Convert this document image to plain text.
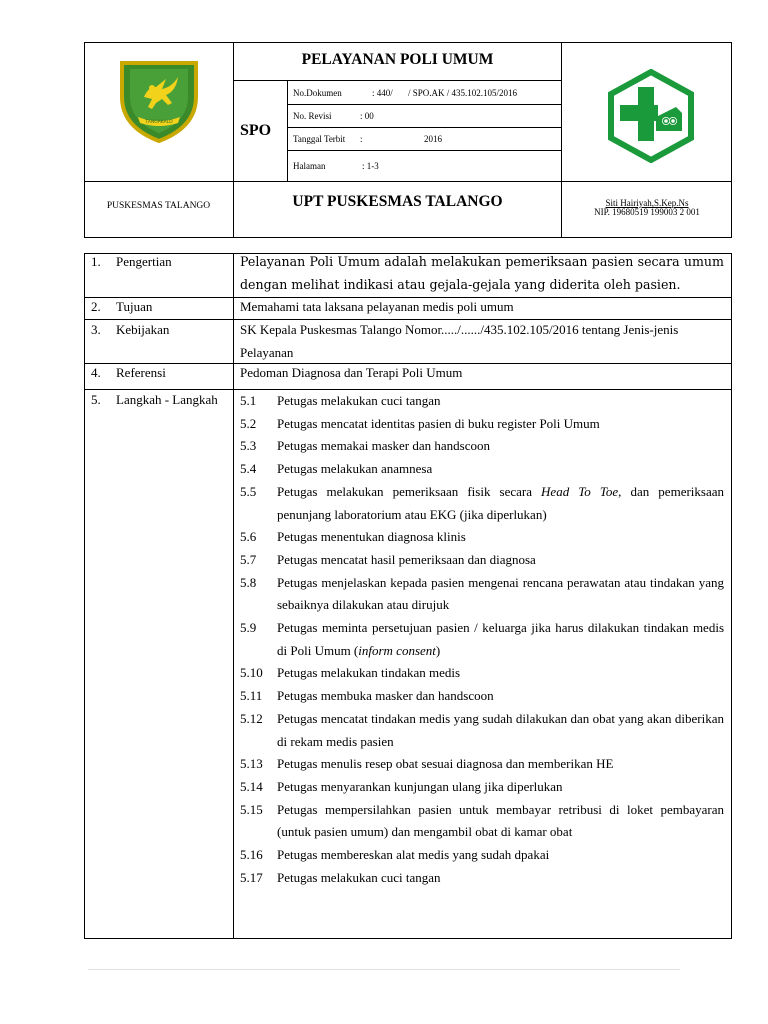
TANGAKALO
PELAYANAN POLI UMUM
SPO
No.Dokumen	: 440/ / SPO.AK / 435.102.105/2016
No. Revisi	: 00
Tanggal Terbit :	2016
Halaman	: 1-3
PUSKESMAS TALANGO	UPT PUSKESMAS TALANGO	Siti Hairiyah,S.Kep.Ns
NIP. 19680519 199003 2 001
1. Pengertian	Pelayanan Poli Umum adalah melakukan pemeriksaan pasien secara umum dengan melihat indikasi atau gejala-gejala yang diderita oleh pasien.
2. Tujuan	Memahami tata laksana pelayanan medis poli umum
3. Kebijakan	SK Kepala Puskesmas Talango Nomor...../....../435.102.105/2016 tentang Jenis-jenis Pelayanan
4. Referensi	Pedoman Diagnosa dan Terapi Poli Umum
5. Langkah - Langkah 5.1 Petugas melakukan cuci tangan
5.2 Petugas mencatat identitas pasien di buku register Poli Umum
5.3 Petugas memakai masker dan handscoon
5.4 Petugas melakukan anamnesa
5.5 Petugas melakukan pemeriksaan fisik secara Head To Toe, dan pemeriksaan penunjang laboratorium atau EKG (jika diperlukan)
5.6 Petugas menentukan diagnosa klinis
5.7 Petugas mencatat hasil pemeriksaan dan diagnosa
5.8 Petugas menjelaskan kepada pasien mengenai rencana perawatan atau tindakan yang sebaiknya dilakukan atau dirujuk
5.9 Petugas meminta persetujuan pasien / keluarga jika harus dilakukan tindakan medis di Poli Umum (inform consent)
5.10 Petugas melakukan tindakan medis
5.11 Petugas membuka masker dan handscoon
5.12 Petugas mencatat tindakan medis yang sudah dilakukan dan obat yang akan diberikan di rekam medis pasien
5.13 Petugas menulis resep obat sesuai diagnosa dan memberikan HE
5.14 Petugas menyarankan kunjungan ulang jika diperlukan
5.15 Petugas mempersilahkan pasien untuk membayar retribusi di loket pembayaran (untuk pasien umum) dan mengambil obat di kamar obat
5.16 Petugas membereskan alat medis yang sudah dpakai
5.17 Petugas melakukan cuci tangan
